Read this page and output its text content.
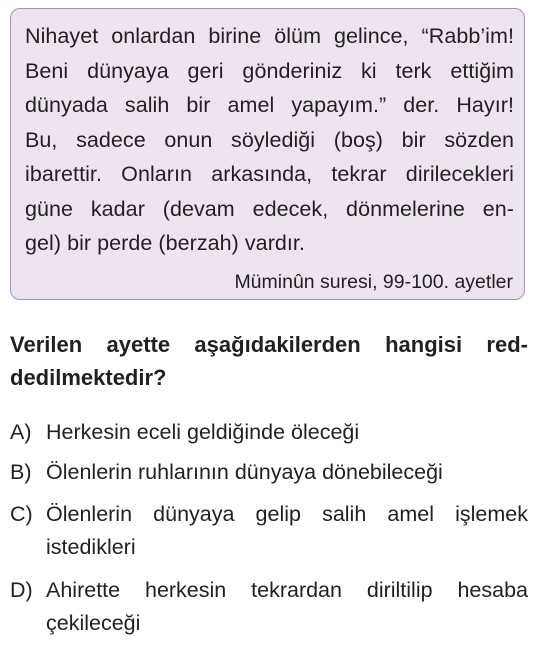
Nihayet onlardan birine ölüm gelince, “Rabb’im!
Beni dünyaya geri gönderiniz ki terk ettiğim
dünyada salih bir amel yapayım.” der. Hayır!
Bu, sadece onun söylediği (boş) bir sözden
ibarettir. Onların arkasında, tekrar dirilecekleri
güne kadar (devam edecek, dönmelerine en-
gel) bir perde (berzah) vardır.
Müminûn suresi, 99-100. ayetler
Verilen ayette aşağıdakilerden hangisi red-
dedilmektedir?
A) Herkesin eceli geldiğinde öleceği
B) Ölenlerin ruhlarının dünyaya dönebileceği
C) Ölenlerin dünyaya gelip salih amel işlemek
istedikleri
D) Ahirette herkesin tekrardan diriltilip hesaba
çekileceği
